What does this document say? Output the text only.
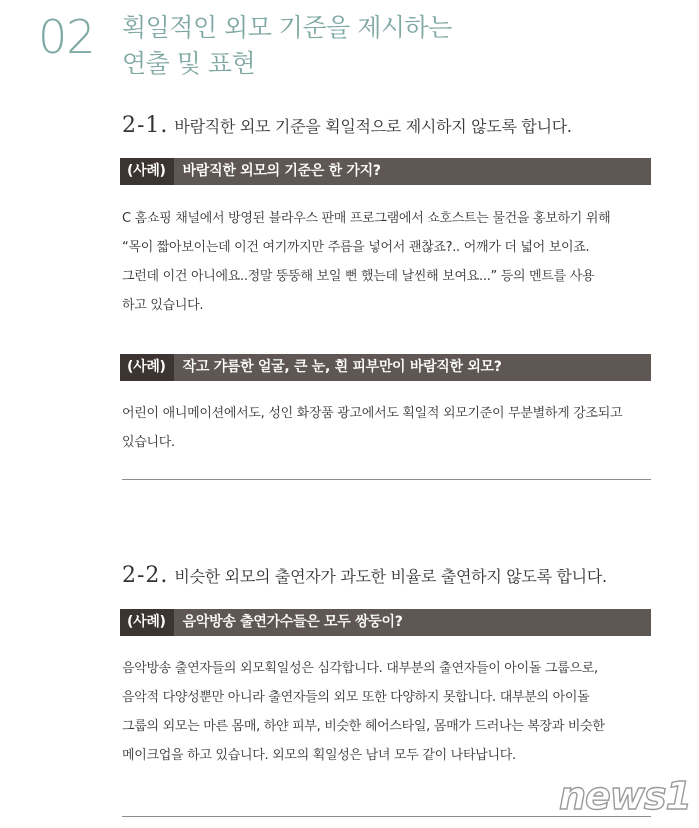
02 획일적인 외모 기준을 제시하는
연출 및 표현
2-1. 바람직한 외모 기준을 획일적으로 제시하지 않도록 합니다.
(사례)	바람직한 외모의 기준은 한 가지?
C 홈쇼핑 채널에서 방영된 블라우스 판매 프로그램에서 쇼호스트는 물건을 홍보하기 위해
“목이 짧아보이는데 이건 여기까지만 주름을 넣어서 괜찮죠?.. 어깨가 더 넓어 보이죠.
그런데 이건 아니에요..정말 뚱뚱해 보일 뻔 했는데 날씬해 보여요...” 등의 멘트를 사용
하고 있습니다.
(사례)	작고 갸름한 얼굴, 큰 눈, 흰 피부만이 바람직한 외모?
어린이 애니메이션에서도, 성인 화장품 광고에서도 획일적 외모기준이 무분별하게 강조되고
있습니다.
2-2. 비슷한 외모의 출연자가 과도한 비율로 출연하지 않도록 합니다.
(사례)	음악방송 출연가수들은 모두 쌍둥이?
음악방송 출연자들의 외모획일성은 심각합니다. 대부분의 출연자들이 아이돌 그룹으로,
음악적 다양성뿐만 아니라 출연자들의 외모 또한 다양하지 못합니다. 대부분의 아이돌
그룹의 외모는 마른 몸매, 하얀 피부, 비슷한 헤어스타일, 몸매가 드러나는 복장과 비슷한
메이크업을 하고 있습니다. 외모의 획일성은 남녀 모두 같이 나타납니다.
news1
